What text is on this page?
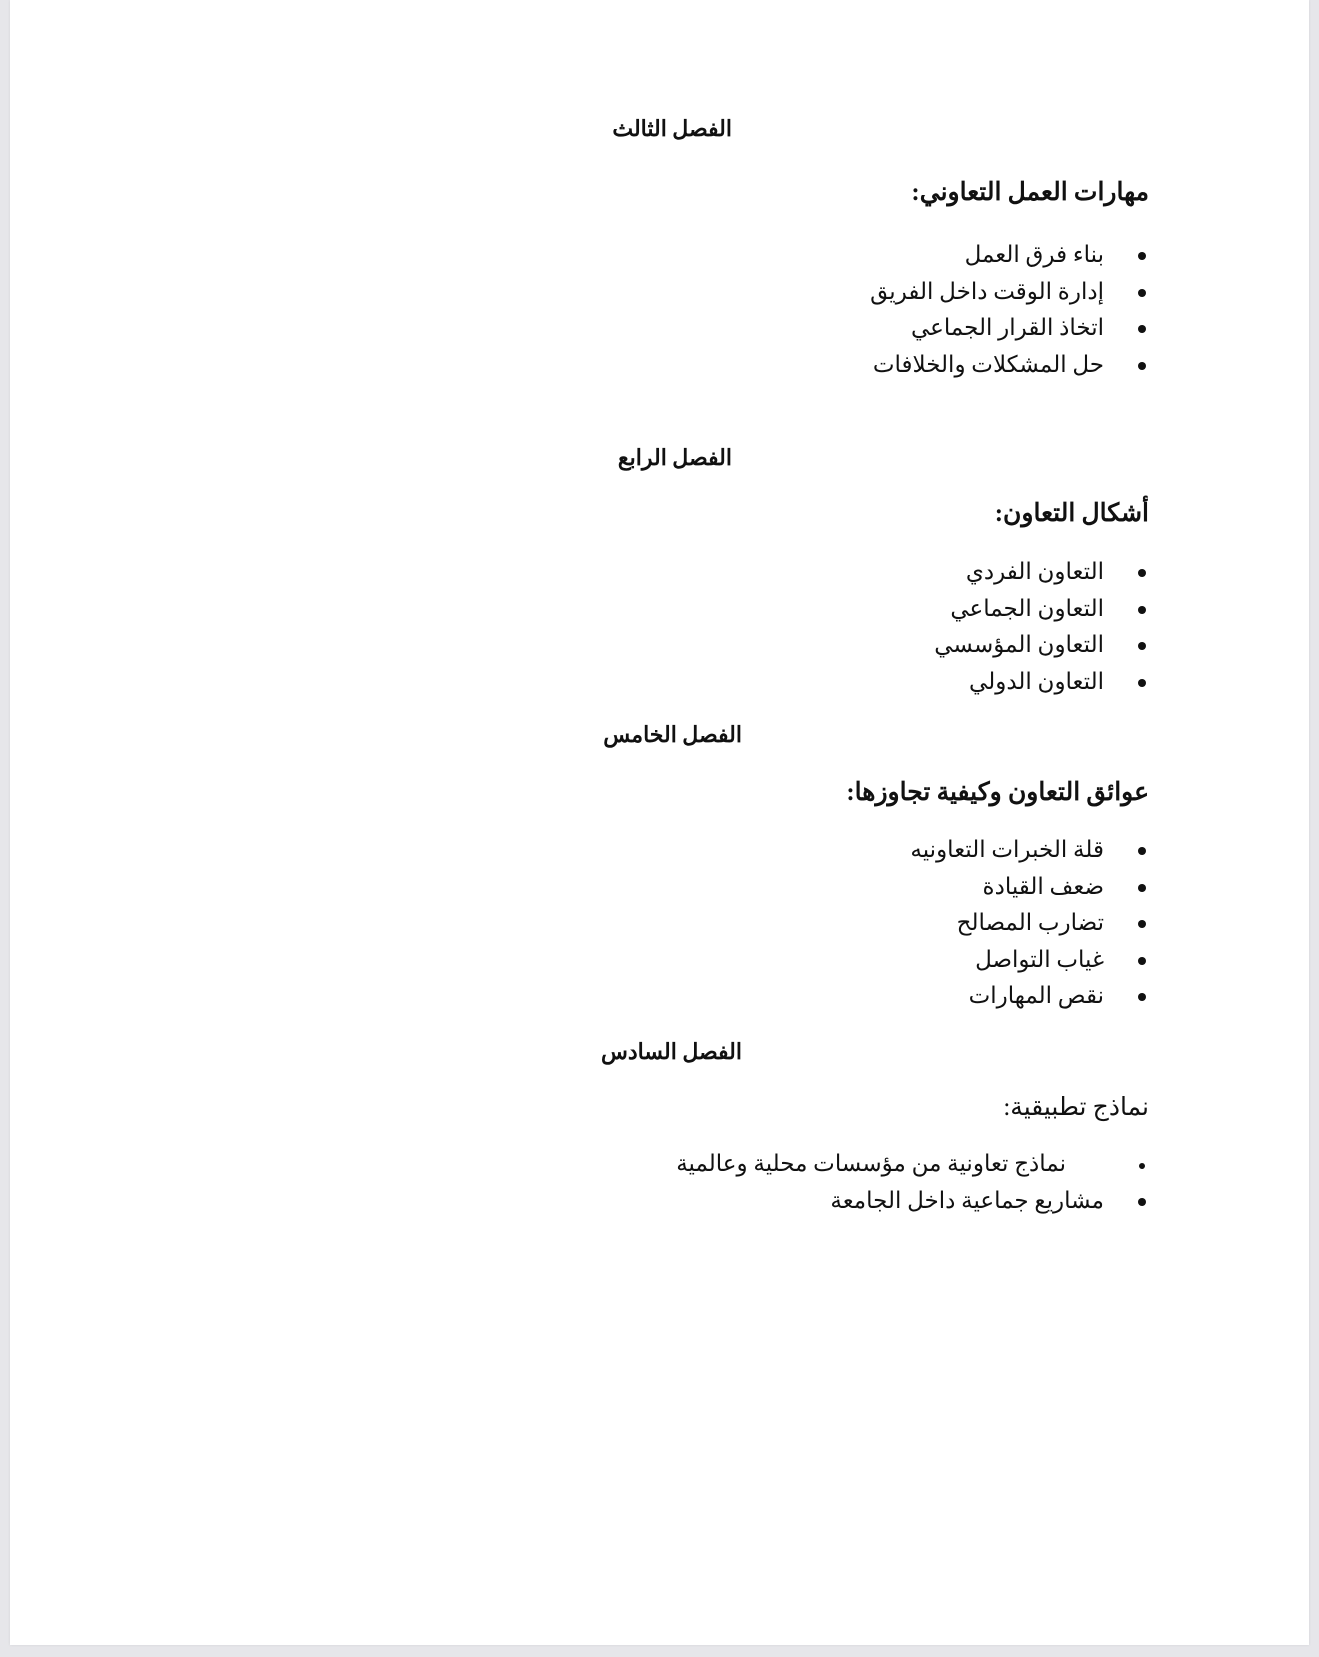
الفصل الثالث
مهارات العمل التعاوني:
بناء فرق العمل
إدارة الوقت داخل الفريق
اتخاذ القرار الجماعي
حل المشكلات والخلافات
الفصل الرابع
أشكال التعاون:
التعاون الفردي
التعاون الجماعي
التعاون المؤسسي
التعاون الدولي
الفصل الخامس
عوائق التعاون وكيفية تجاوزها:
قلة الخبرات التعاونيه
ضعف القيادة
تضارب المصالح
غياب التواصل
نقص المهارات
الفصل السادس
نماذج تطبيقية:
نماذج تعاونية من مؤسسات محلية وعالمية
مشاريع جماعية داخل الجامعة
